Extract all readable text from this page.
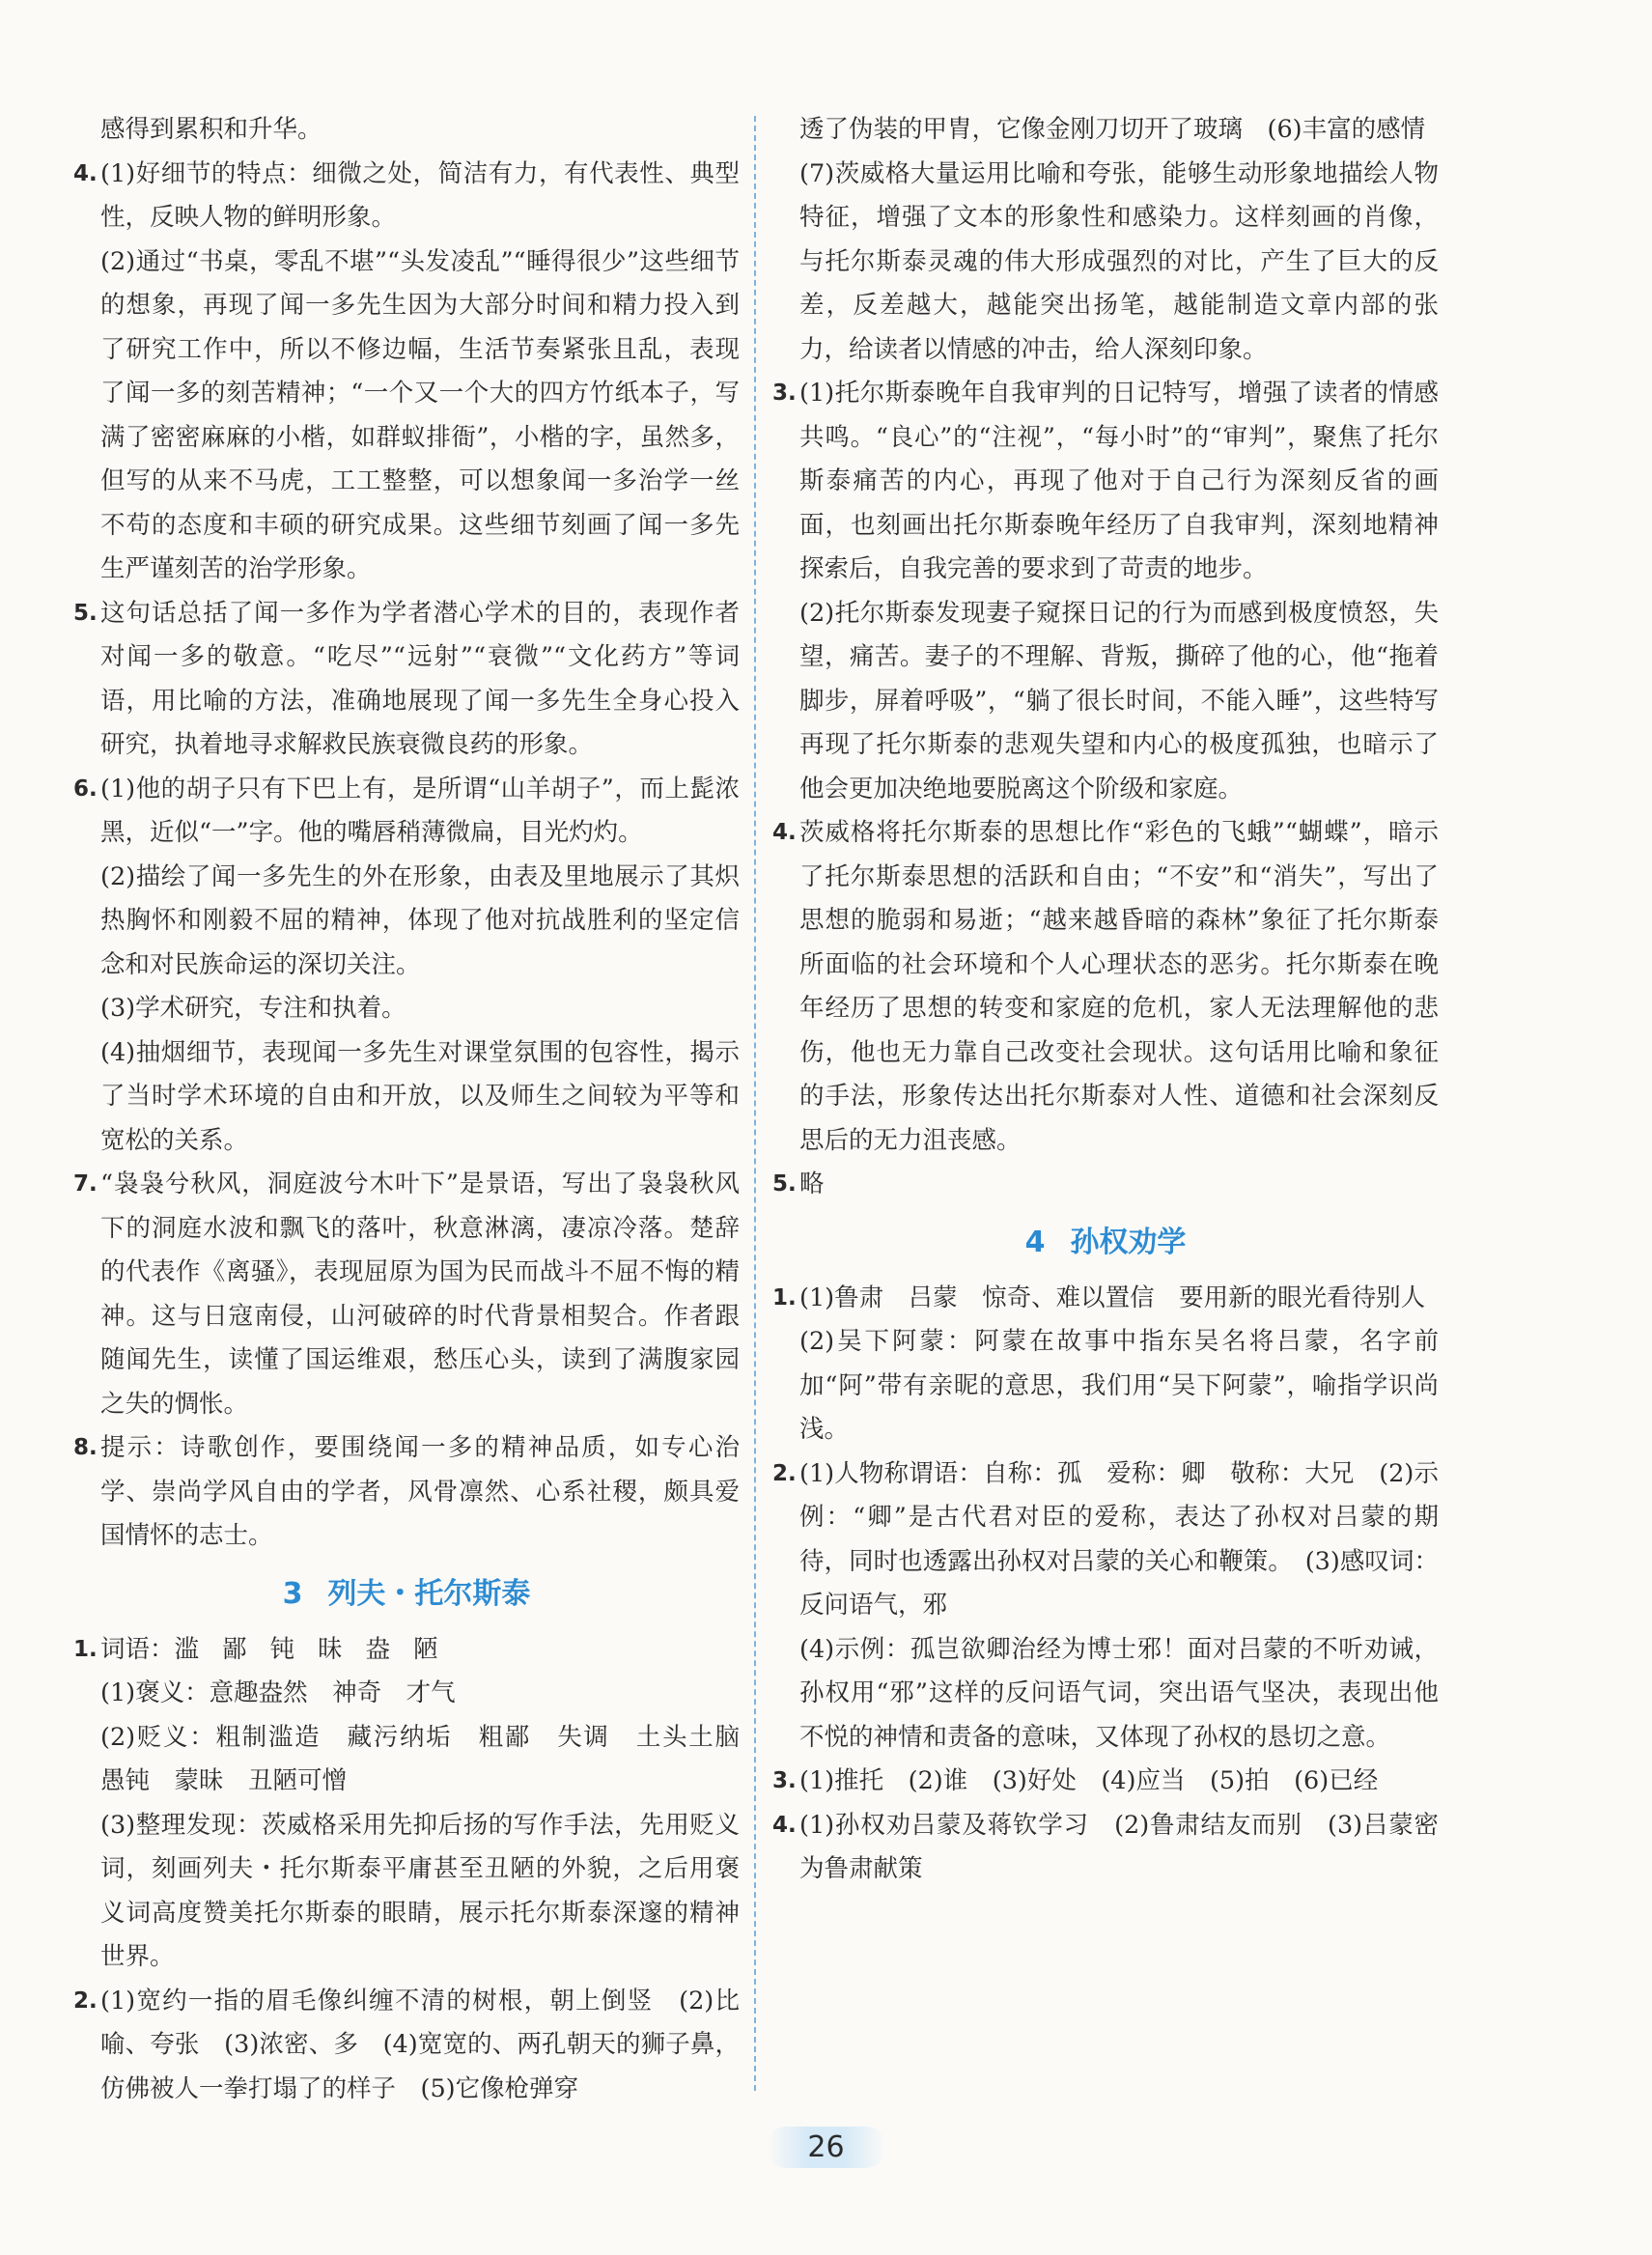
感得到累积和升华。

4. (1)好细节的特点：细微之处，简洁有力，有代表性、典型性，反映人物的鲜明形象。

(2)通过“书桌，零乱不堪”“头发凌乱”“睡得很少”这些细节的想象，再现了闻一多先生因为大部分时间和精力投入到了研究工作中，所以不修边幅，生活节奏紧张且乱，表现了闻一多的刻苦精神；“一个又一个大的四方竹纸本子，写满了密密麻麻的小楷，如群蚁排衙”，小楷的字，虽然多，但写的从来不马虎，工工整整，可以想象闻一多治学一丝不苟的态度和丰硕的研究成果。这些细节刻画了闻一多先生严谨刻苦的治学形象。

5. 这句话总括了闻一多作为学者潜心学术的目的，表现作者对闻一多的敬意。“吃尽”“远射”“衰微”“文化药方”等词语，用比喻的方法，准确地展现了闻一多先生全身心投入研究，执着地寻求解救民族衰微良药的形象。

6. (1)他的胡子只有下巴上有，是所谓“山羊胡子”，而上髭浓黑，近似“一”字。他的嘴唇稍薄微扁，目光灼灼。

(2)描绘了闻一多先生的外在形象，由表及里地展示了其炽热胸怀和刚毅不屈的精神，体现了他对抗战胜利的坚定信念和对民族命运的深切关注。

(3)学术研究，专注和执着。

(4)抽烟细节，表现闻一多先生对课堂氛围的包容性，揭示了当时学术环境的自由和开放，以及师生之间较为平等和宽松的关系。

7. “袅袅兮秋风，洞庭波兮木叶下”是景语，写出了袅袅秋风下的洞庭水波和飘飞的落叶，秋意淋漓，凄凉冷落。楚辞的代表作《离骚》，表现屈原为国为民而战斗不屈不悔的精神。这与日寇南侵，山河破碎的时代背景相契合。作者跟随闻先生，读懂了国运维艰，愁压心头，读到了满腹家园之失的惆怅。

8. 提示：诗歌创作，要围绕闻一多的精神品质，如专心治学、崇尚学风自由的学者，风骨凛然、心系社稷，颇具爱国情怀的志士。

3 列夫・托尔斯泰
1. 词语：滥 鄙 钝 昧 盎 陋

(1)褒义：意趣盎然　神奇　才气

(2)贬义：粗制滥造　藏污纳垢　粗鄙　失调　土头土脑　愚钝　蒙昧　丑陋可憎

(3)整理发现：茨威格采用先抑后扬的写作手法，先用贬义词，刻画列夫・托尔斯泰平庸甚至丑陋的外貌，之后用褒义词高度赞美托尔斯泰的眼睛，展示托尔斯泰深邃的精神世界。

2. (1)宽约一指的眉毛像纠缠不清的树根，朝上倒竖　(2)比喻、夸张　(3)浓密、多　(4)宽宽的、两孔朝天的狮子鼻，仿佛被人一拳打塌了的样子　(5)它像枪弹穿

透了伪装的甲胄，它像金刚刀切开了玻璃　(6)丰富的感情

(7)茨威格大量运用比喻和夸张，能够生动形象地描绘人物特征，增强了文本的形象性和感染力。这样刻画的肖像，与托尔斯泰灵魂的伟大形成强烈的对比，产生了巨大的反差，反差越大，越能突出扬笔，越能制造文章内部的张力，给读者以情感的冲击，给人深刻印象。

3. (1)托尔斯泰晚年自我审判的日记特写，增强了读者的情感共鸣。“良心”的“注视”，“每小时”的“审判”，聚焦了托尔斯泰痛苦的内心，再现了他对于自己行为深刻反省的画面，也刻画出托尔斯泰晚年经历了自我审判，深刻地精神探索后，自我完善的要求到了苛责的地步。

(2)托尔斯泰发现妻子窥探日记的行为而感到极度愤怒，失望，痛苦。妻子的不理解、背叛，撕碎了他的心，他“拖着脚步，屏着呼吸”，“躺了很长时间，不能入睡”，这些特写再现了托尔斯泰的悲观失望和内心的极度孤独，也暗示了他会更加决绝地要脱离这个阶级和家庭。

4. 茨威格将托尔斯泰的思想比作“彩色的飞蛾”“蝴蝶”，暗示了托尔斯泰思想的活跃和自由；“不安”和“消失”，写出了思想的脆弱和易逝；“越来越昏暗的森林”象征了托尔斯泰所面临的社会环境和个人心理状态的恶劣。托尔斯泰在晚年经历了思想的转变和家庭的危机，家人无法理解他的悲伤，他也无力靠自己改变社会现状。这句话用比喻和象征的手法，形象传达出托尔斯泰对人性、道德和社会深刻反思后的无力沮丧感。

5. 略

4 孙权劝学
1. (1)鲁肃　吕蒙　惊奇、难以置信　要用新的眼光看待别人

(2)吴下阿蒙：阿蒙在故事中指东吴名将吕蒙，名字前加“阿”带有亲昵的意思，我们用“吴下阿蒙”，喻指学识尚浅。

2. (1)人物称谓语：自称：孤　爱称：卿　敬称：大兄　(2)示例：“卿”是古代君对臣的爱称，表达了孙权对吕蒙的期待，同时也透露出孙权对吕蒙的关心和鞭策。　(3)感叹词：反问语气，邪

(4)示例：孤岂欲卿治经为博士邪！面对吕蒙的不听劝诫，孙权用“邪”这样的反问语气词，突出语气坚决，表现出他不悦的神情和责备的意味，又体现了孙权的恳切之意。

3. (1)推托　(2)谁　(3)好处　(4)应当　(5)拍　(6)已经

4. (1)孙权劝吕蒙及蒋钦学习　(2)鲁肃结友而别　(3)吕蒙密为鲁肃献策

26
